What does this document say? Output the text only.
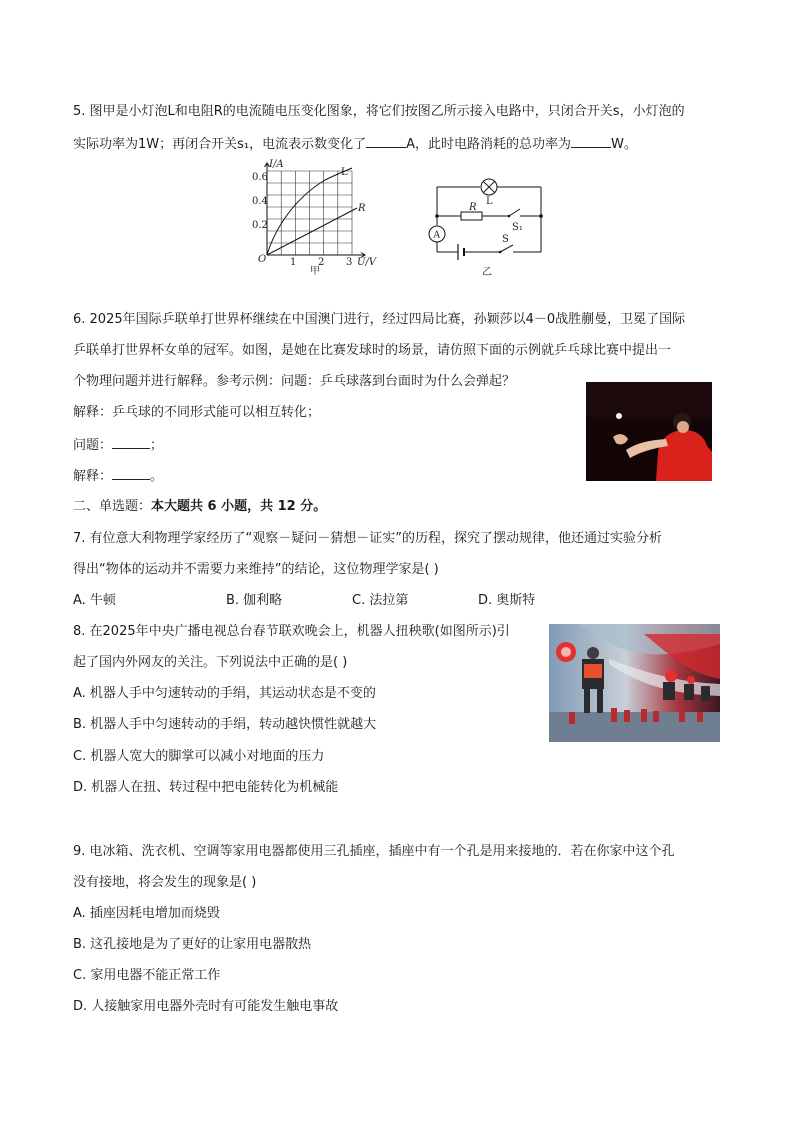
5. 图甲是小灯泡L和电阻R的电流随电压变化图象，将它们按图乙所示接入电路中，只闭合开关s，小灯泡的
实际功率为1W；再闭合开关s₁，电流表示数变化了	A，此时电路消耗的总功率为	W。
I/A
0.6
0.4
0.2
O 1 2 3 U/V
L
R
甲
L
R
S₁
S
A
乙
6. 2025年国际乒联单打世界杯继续在中国澳门进行，经过四局比赛，孙颖莎以4－0战胜蒯曼，卫冕了国际
乒联单打世界杯女单的冠军。如图，是她在比赛发球时的场景，请仿照下面的示例就乒乓球比赛中提出一
个物理问题并进行解释。参考示例：问题：乒乓球落到台面时为什么会弹起？
解释：乒乓球的不同形式能可以相互转化；
问题：	；
解释：	。
二、单选题：本大题共 6 小题，共 12 分。
7. 有位意大利物理学家经历了“观察－疑问－猜想－证实”的历程，探究了摆动规律，他还通过实验分析
得出“物体的运动并不需要力来维持”的结论，这位物理学家是( )
A. 牛顿	B. 伽利略	C. 法拉第	D. 奥斯特
8. 在2025年中央广播电视总台春节联欢晚会上，机器人扭秧歌(如图所示)引
起了国内外网友的关注。下列说法中正确的是( )
A. 机器人手中匀速转动的手绢，其运动状态是不变的
B. 机器人手中匀速转动的手绢，转动越快惯性就越大
C. 机器人宽大的脚掌可以减小对地面的压力
D. 机器人在扭、转过程中把电能转化为机械能
9. 电冰箱、洗衣机、空调等家用电器都使用三孔插座，插座中有一个孔是用来接地的．若在你家中这个孔
没有接地，将会发生的现象是( )
A. 插座因耗电增加而烧毁
B. 这孔接地是为了更好的让家用电器散热
C. 家用电器不能正常工作
D. 人接触家用电器外壳时有可能发生触电事故
